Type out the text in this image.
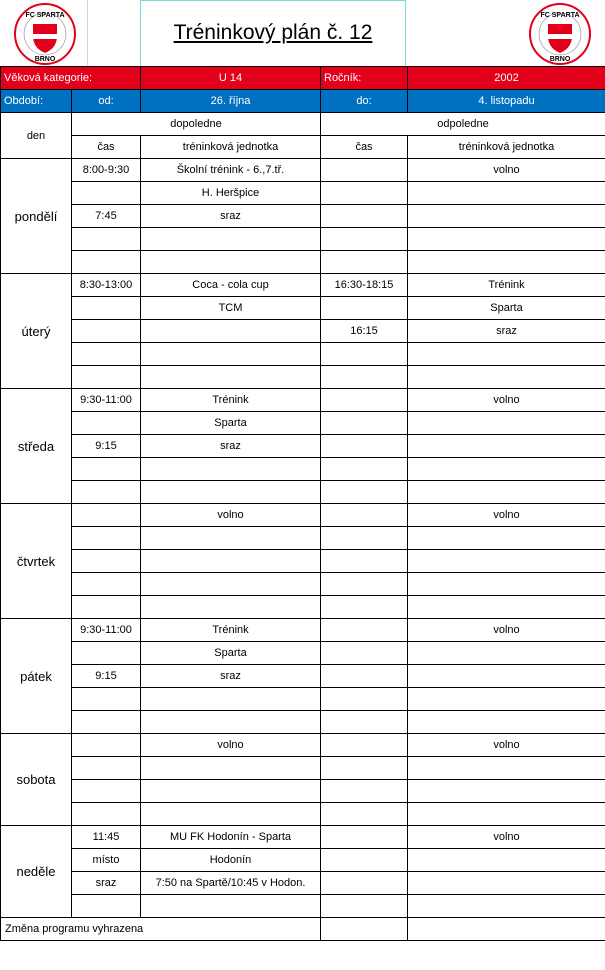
FC SPARTA
BRNO
Tréninkový plán č. 12
FC SPARTA
BRNO
Věková kategorie:		U 14	Ročník:	2002
Období:	od:	26. října	do:	4. listopadu
den	dopoledne		odpoledne	
	čas	tréninková jednotka	čas	tréninková jednotka
pondělí	8:00-9:30	Školní trénink - 6.,7.tř.		volno
		H. Heršpice		
	7:45	sraz		

úterý	8:30-13:00	Coca - cola cup	16:30-18:15	Trénink
		TCM		Sparta
			16:15	sraz

středa	9:30-11:00	Trénink		volno
		Sparta		
	9:15	sraz		

čtvrtek		volno		volno

pátek	9:30-11:00	Trénink		volno
		Sparta		
	9:15	sraz		

sobota		volno		volno

neděle	11:45	MU FK Hodonín - Sparta		volno
	místo	Hodonín		
	sraz	7:50 na Spartě/10:45 v Hodon.		

Změna programu vyhrazena				
